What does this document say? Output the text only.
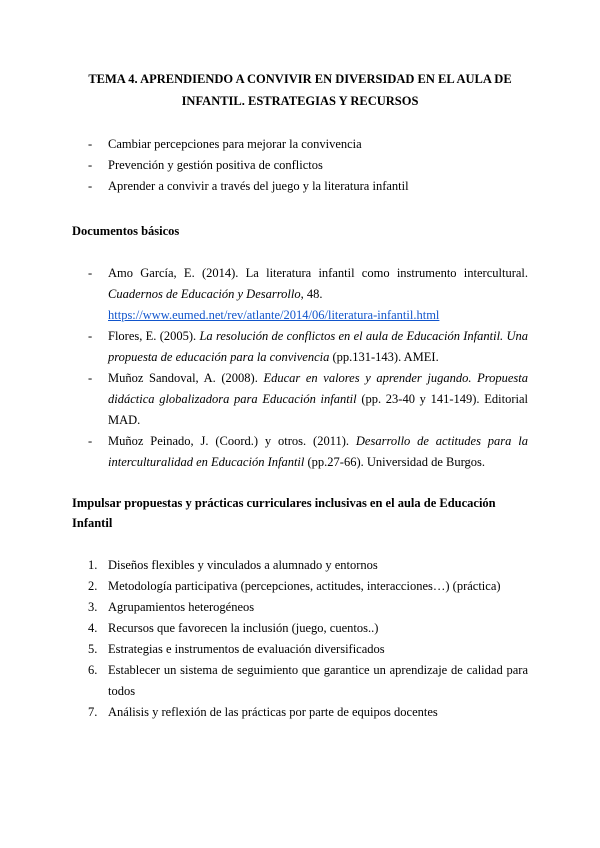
TEMA 4. APRENDIENDO A CONVIVIR EN DIVERSIDAD EN EL AULA DE
INFANTIL. ESTRATEGIAS Y RECURSOS
- Cambiar percepciones para mejorar la convivencia
- Prevención y gestión positiva de conflictos
- Aprender a convivir a través del juego y la literatura infantil

Documentos básicos

- Amo García, E. (2014). La literatura infantil como instrumento intercultural. Cuadernos de Educación y Desarrollo, 48.
https://www.eumed.net/rev/atlante/2014/06/literatura-infantil.html
- Flores, E. (2005). La resolución de conflictos en el aula de Educación Infantil. Una propuesta de educación para la convivencia (pp.131-143). AMEI.
- Muñoz Sandoval, A. (2008). Educar en valores y aprender jugando. Propuesta didáctica globalizadora para Educación infantil (pp. 23-40 y 141-149). Editorial MAD.
- Muñoz Peinado, J. (Coord.) y otros. (2011). Desarrollo de actitudes para la interculturalidad en Educación Infantil (pp.27-66). Universidad de Burgos.

Impulsar propuestas y prácticas curriculares inclusivas en el aula de Educación Infantil

1. Diseños flexibles y vinculados a alumnado y entornos
2. Metodología participativa (percepciones, actitudes, interacciones…) (práctica)
3. Agrupamientos heterogéneos
4. Recursos que favorecen la inclusión (juego, cuentos..)
5. Estrategias e instrumentos de evaluación diversificados
6. Establecer un sistema de seguimiento que garantice un aprendizaje de calidad para todos
7. Análisis y reflexión de las prácticas por parte de equipos docentes
